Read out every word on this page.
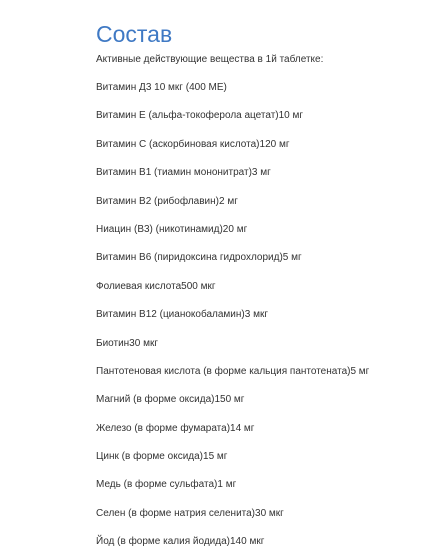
Состав
Активные действующие вещества в 1й таблетке:
Витамин Д3 10 мкг (400 МЕ)
Витамин Е (альфа-токоферола ацетат)10 мг
Витамин С (аскорбиновая кислота)120 мг
Витамин В1 (тиамин мононитрат)3 мг
Витамин В2 (рибофлавин)2 мг
Ниацин (В3) (никотинамид)20 мг
Витамин В6 (пиридоксина гидрохлорид)5 мг
Фолиевая кислота500 мкг
Витамин В12 (цианокобаламин)3 мкг
Биотин30 мкг
Пантотеновая кислота (в форме кальция пантотената)5 мг
Магний (в форме оксида)150 мг
Железо (в форме фумарата)14 мг
Цинк (в форме оксида)15 мг
Медь (в форме сульфата)1 мг
Селен (в форме натрия селенита)30 мкг
Йод (в форме калия йодида)140 мкг
